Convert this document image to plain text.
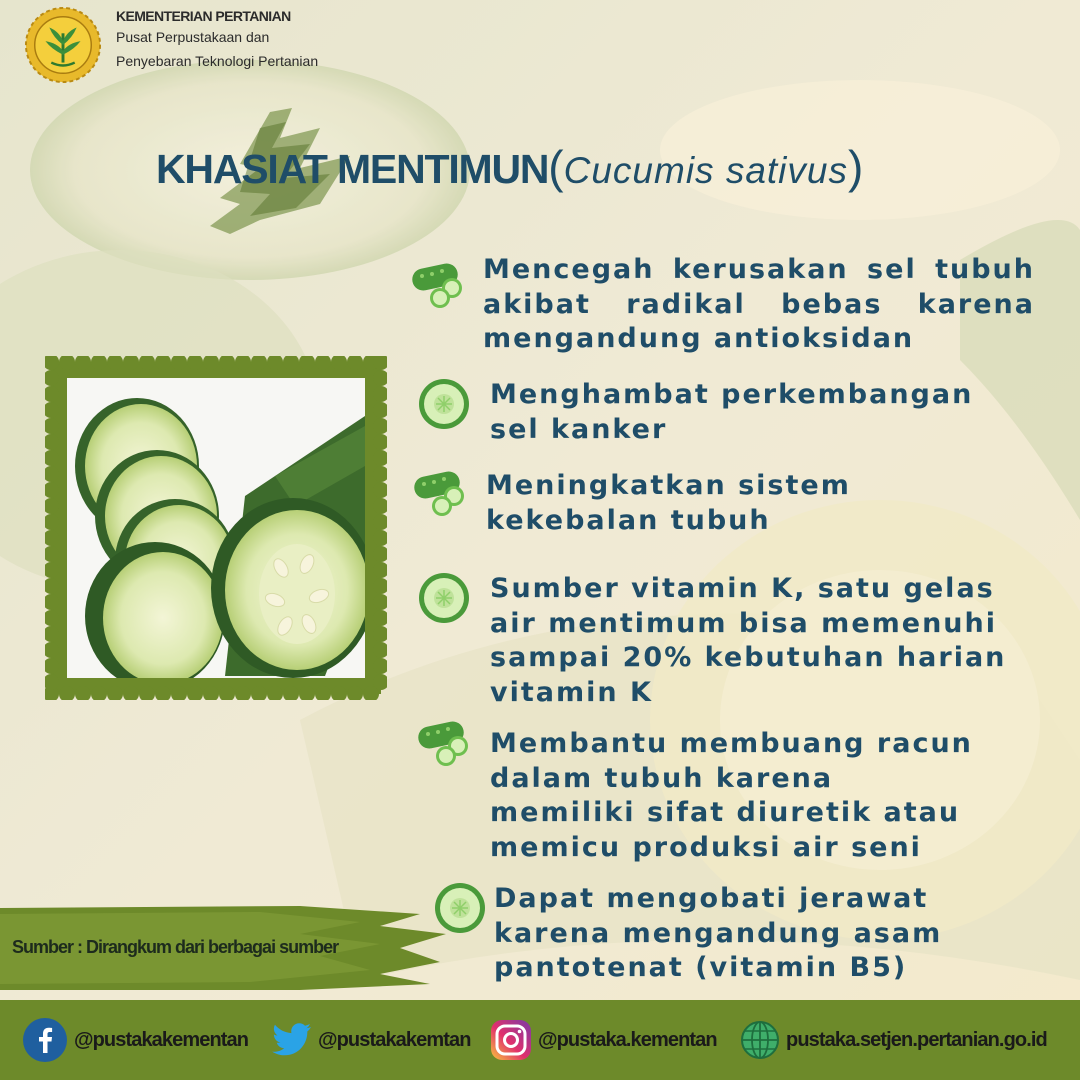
KEMENTERIAN PERTANIAN
Pusat Perpustakaan dan
Penyebaran Teknologi Pertanian
KHASIAT MENTIMUN(Cucumis sativus)
Mencegah kerusakan sel tubuh akibat radikal bebas karena mengandung antioksidan
Menghambat perkembangan sel kanker
Meningkatkan sistem kekebalan tubuh
Sumber vitamin K, satu gelas air mentimum bisa memenuhi sampai 20% kebutuhan harian vitamin K
Membantu membuang racun dalam tubuh karena memiliki sifat diuretik atau memicu produksi air seni
Dapat mengobati jerawat karena mengandung asam pantotenat (vitamin B5)
Sumber : Dirangkum dari berbagai sumber
@pustakakementan	@pustakakemtan	@pustaka.kementan	pustaka.setjen.pertanian.go.id
